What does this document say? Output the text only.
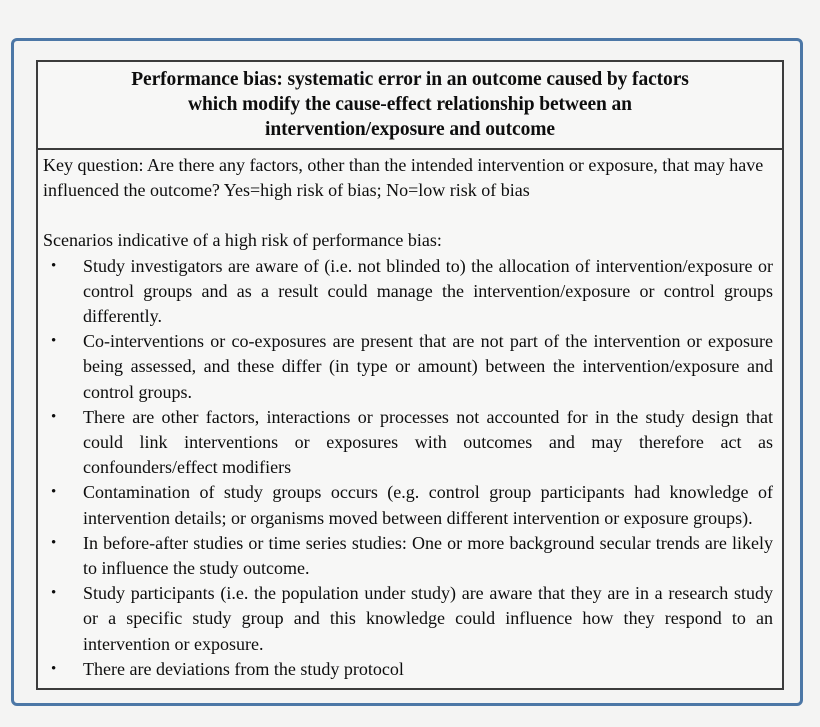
Performance bias: systematic error in an outcome caused by factors
which modify the cause-effect relationship between an
intervention/exposure and outcome

Key question: Are there any factors, other than the intended intervention or exposure, that may have influenced the outcome? Yes=high risk of bias; No=low risk of bias

Scenarios indicative of a high risk of performance bias:

•	Study investigators are aware of (i.e. not blinded to) the allocation of intervention/exposure or control groups and as a result could manage the intervention/exposure or control groups differently.
•	Co-interventions or co-exposures are present that are not part of the intervention or exposure being assessed, and these differ (in type or amount) between the intervention/exposure and control groups.
•	There are other factors, interactions or processes not accounted for in the study design that could link interventions or exposures with outcomes and may therefore act as confounders/effect modifiers
•	Contamination of study groups occurs (e.g. control group participants had knowledge of intervention details; or organisms moved between different intervention or exposure groups).
•	In before-after studies or time series studies: One or more background secular trends are likely to influence the study outcome.
•	Study participants (i.e. the population under study) are aware that they are in a research study or a specific study group and this knowledge could influence how they respond to an intervention or exposure.
•	There are deviations from the study protocol
